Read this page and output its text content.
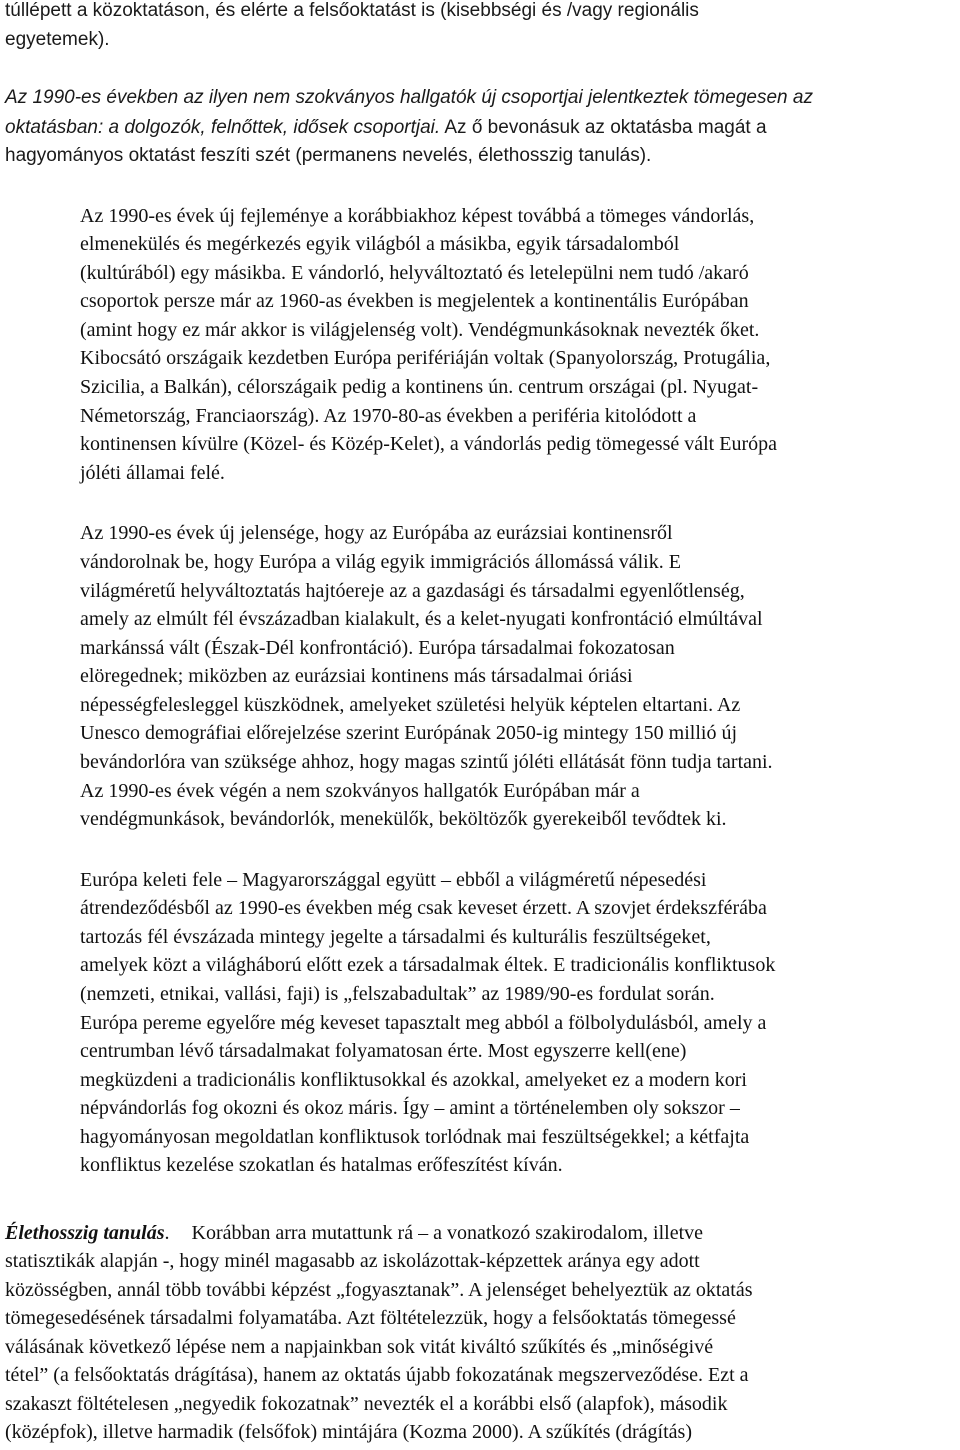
túllépett a közoktatáson, és elérte a felsőoktatást is (kisebbségi és /vagy regionális
egyetemek).
Az 1990-es években az ilyen nem szokványos hallgatók új csoportjai jelentkeztek tömegesen az
oktatásban: a dolgozók, felnőttek, idősek csoportjai. Az ő bevonásuk az oktatásba magát a
hagyományos oktatást feszíti szét (permanens nevelés, élethosszig tanulás).
Az 1990-es évek új fejleménye a korábbiakhoz képest továbbá a tömeges vándorlás,
elmenekülés és megérkezés egyik világból a másikba, egyik társadalomból
(kultúrából) egy másikba. E vándorló, helyváltoztató és letelepülni nem tudó /akaró
csoportok persze már az 1960-as években is megjelentek a kontinentális Európában
(amint hogy ez már akkor is világjelenség volt). Vendégmunkásoknak nevezték őket.
Kibocsátó országaik kezdetben Európa perifériáján voltak (Spanyolország, Protugália,
Szicilia, a Balkán), célországaik pedig a kontinens ún. centrum országai (pl. Nyugat-
Németország, Franciaország). Az 1970-80-as években a periféria kitolódott a
kontinensen kívülre (Közel- és Közép-Kelet), a vándorlás pedig tömegessé vált Európa
jóléti államai felé.
Az 1990-es évek új jelensége, hogy az Európába az eurázsiai kontinensről
vándorolnak be, hogy Európa a világ egyik immigrációs állomássá válik. E
világméretű helyváltoztatás hajtóereje az a gazdasági és társadalmi egyenlőtlenség,
amely az elmúlt fél évszázadban kialakult, és a kelet-nyugati konfrontáció elmúltával
markánssá vált (Észak-Dél konfrontáció). Európa társadalmai fokozatosan
elöregednek; miközben az eurázsiai kontinens más társadalmai óriási
népességfelesleggel küszködnek, amelyeket születési helyük képtelen eltartani. Az
Unesco demográfiai előrejelzése szerint Európának 2050-ig mintegy 150 millió új
bevándorlóra van szüksége ahhoz, hogy magas szintű jóléti ellátását fönn tudja tartani.
Az 1990-es évek végén a nem szokványos hallgatók Európában már a
vendégmunkások, bevándorlók, menekülők, beköltözők gyerekeiből tevődtek ki.
Európa keleti fele – Magyarországgal együtt – ebből a világméretű népesedési
átrendeződésből az 1990-es években még csak keveset érzett. A szovjet érdekszférába
tartozás fél évszázada mintegy jegelte a társadalmi és kulturális feszültségeket,
amelyek közt a világháború előtt ezek a társadalmak éltek. E tradicionális konfliktusok
(nemzeti, etnikai, vallási, faji) is „felszabadultak” az 1989/90-es fordulat során.
Európa pereme egyelőre még keveset tapasztalt meg abból a fölbolydulásból, amely a
centrumban lévő társadalmakat folyamatosan érte. Most egyszerre kell(ene)
megküzdeni a tradicionális konfliktusokkal és azokkal, amelyeket ez a modern kori
népvándorlás fog okozni és okoz máris. Így – amint a történelemben oly sokszor –
hagyományosan megoldatlan konfliktusok torlódnak mai feszültségekkel; a kétfajta
konfliktus kezelése szokatlan és hatalmas erőfeszítést kíván.
Élethosszig tanulás. Korábban arra mutattunk rá – a vonatkozó szakirodalom, illetve
statisztikák alapján -, hogy minél magasabb az iskolázottak-képzettek aránya egy adott
közösségben, annál több további képzést „fogyasztanak”. A jelenséget behelyeztük az oktatás
tömegesedésének társadalmi folyamatába. Azt föltételezzük, hogy a felsőoktatás tömegessé
válásának következő lépése nem a napjainkban sok vitát kiváltó szűkítés és „minőségivé
tétel” (a felsőoktatás drágítása), hanem az oktatás újabb fokozatának megszerveződése. Ezt a
szakaszt föltételesen „negyedik fokozatnak” nevezték el a korábbi első (alapfok), második
(középfok), illetve harmadik (felsőfok) mintájára (Kozma 2000). A szűkítés (drágítás)
